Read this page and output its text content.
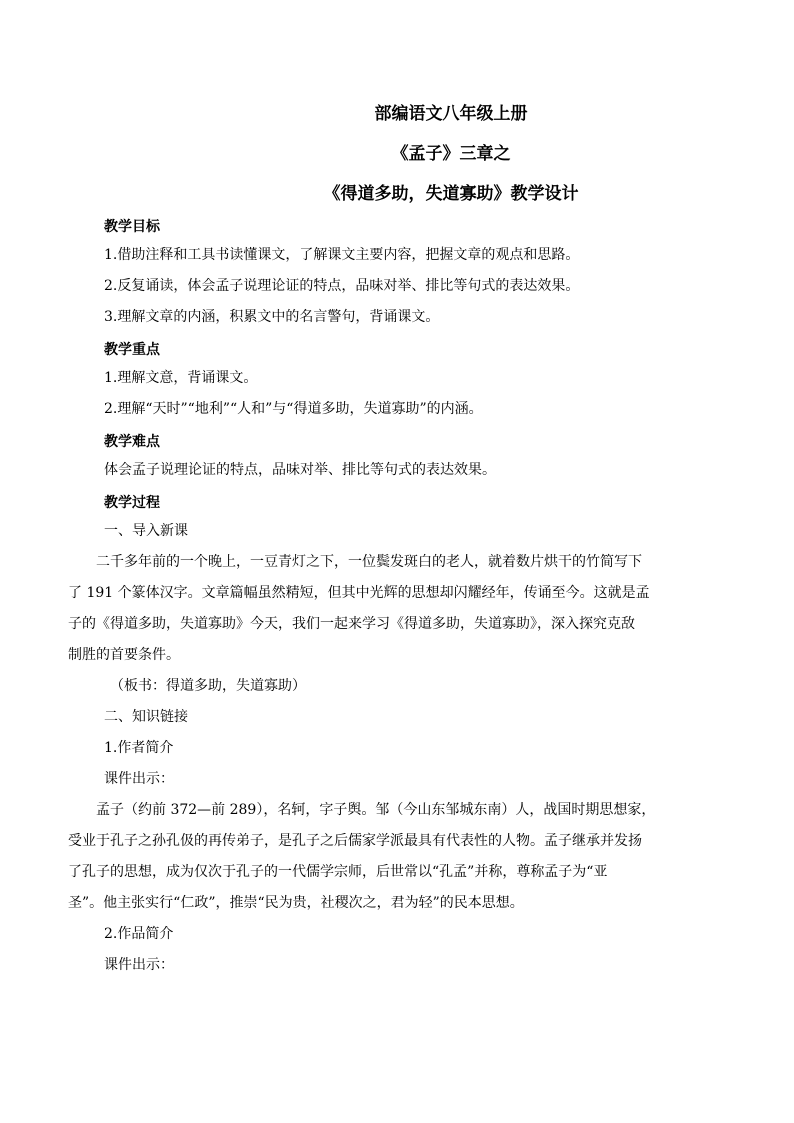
部编语文八年级上册

《孟子》三章之

《得道多助，失道寡助》教学设计

教学目标

1.借助注释和工具书读懂课文，了解课文主要内容，把握文章的观点和思路。

2.反复诵读，体会孟子说理论证的特点，品味对举、排比等句式的表达效果。

3.理解文章的内涵，积累文中的名言警句，背诵课文。

教学重点

1.理解文意，背诵课文。

2.理解“天时”“地利”“人和”与“得道多助，失道寡助”的内涵。

教学难点

体会孟子说理论证的特点，品味对举、排比等句式的表达效果。

教学过程

一、导入新课

二千多年前的一个晚上，一豆青灯之下，一位鬓发斑白的老人，就着数片烘干的竹简写下

了 191 个篆体汉字。文章篇幅虽然精短，但其中光辉的思想却闪耀经年，传诵至今。这就是孟

子的《得道多助，失道寡助》今天，我们一起来学习《得道多助，失道寡助》，深入探究克敌

制胜的首要条件。

（板书：得道多助，失道寡助）

二、知识链接

1.作者简介

课件出示：

孟子（约前 372—前 289），名轲，字子舆。邹（今山东邹城东南）人，战国时期思想家，

受业于孔子之孙孔伋的再传弟子，是孔子之后儒家学派最具有代表性的人物。孟子继承并发扬

了孔子的思想，成为仅次于孔子的一代儒学宗师，后世常以“孔孟”并称，尊称孟子为“亚

圣”。他主张实行“仁政”，推崇“民为贵，社稷次之，君为轻”的民本思想。

2.作品简介

课件出示：
